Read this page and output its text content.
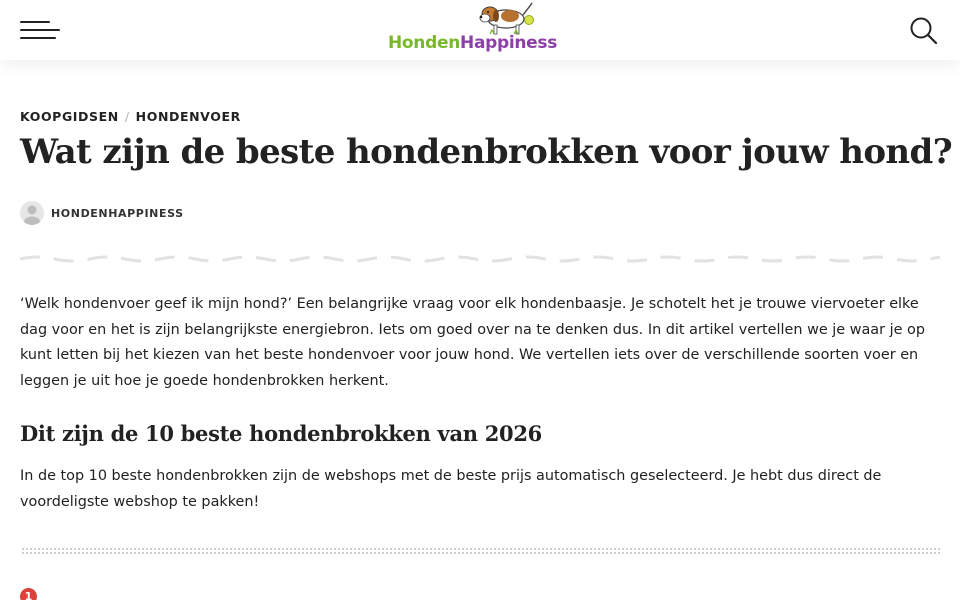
HondenHappiness
KOOPGIDSEN / HONDENVOER
Wat zijn de beste hondenbrokken voor jouw hond?
HONDENHAPPINESS

‘Welk hondenvoer geef ik mijn hond?’ Een belangrijke vraag voor elk hondenbaasje. Je schotelt het je trouwe viervoeter elke dag voor en het is zijn belangrijkste energiebron. Iets om goed over na te denken dus. In dit artikel vertellen we je waar je op kunt letten bij het kiezen van het beste hondenvoer voor jouw hond. We vertellen iets over de verschillende soorten voer en leggen je uit hoe je goede hondenbrokken herkent.

Dit zijn de 10 beste hondenbrokken van 2026

In de top 10 beste hondenbrokken zijn de webshops met de beste prijs automatisch geselecteerd. Je hebt dus direct de voordeligste webshop te pakken!

1
